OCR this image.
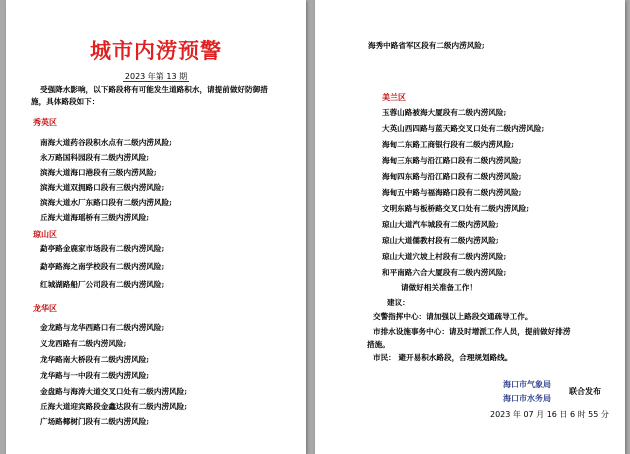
城市内涝预警
2023 年第 13 期
受强降水影响，以下路段将有可能发生道路积水，请提前做好防御措施，具体路段如下：
秀英区
南海大道药谷段积水点有二级内涝风险;
永万路国科园段有二级内涝风险;
滨海大道海口港段有三级内涝风险;
滨海大道双拥路口段有三级内涝风险;
滨海大道水厂东路口段有二级内涝风险;
丘海大道海瑶桥有三级内涝风险;
琼山区
勐亭路金鹿家市场段有二级内涝风险;
勐亭路海之南学校段有二级内涝风险;
红城湖路船厂公司段有二级内涝风险;
龙华区
金龙路与龙华西路口有二级内涝风险;
义龙西路有二级内涝风险;
龙华路南大桥段有二级内涝风险;
龙华路与一中段有二级内涝风险;
金盘路与海涛大道交叉口处有二级内涝风险;
丘海大道迎宾路段金鑫达段有二级内涝风险;
广场路椰树门段有二级内涝风险;
海秀中路省军区段有二级内涝风险;
美兰区
玉蓉山路被海大厦段有二级内涝风险;
大英山西四路与蓝天路交叉口处有二级内涝风险;
海甸二东路工商银行段有二级内涝风险;
海甸三东路与沿江路口段有二级内涝风险;
海甸四东路与沿江路口段有二级内涝风险;
海甸五中路与福海路口段有二级内涝风险;
文明东路与板桥路交叉口处有二级内涝风险;
琼山大道汽车城段有二级内涝风险;
琼山大道儒教村段有二级内涝风险;
琼山大道穴坡上村段有二级内涝风险;
和平南路六合大厦段有二级内涝风险;
请做好相关准备工作！
建议：
交警指挥中心：请加强以上路段交通疏导工作。
市排水设施事务中心：请及时增派工作人员，提前做好排涝
措施。
市民： 避开易积水路段，合理规划路线。
海口市气象局
海口市水务局
联合发布
2023 年 07 月 16 日 6 时 55 分
